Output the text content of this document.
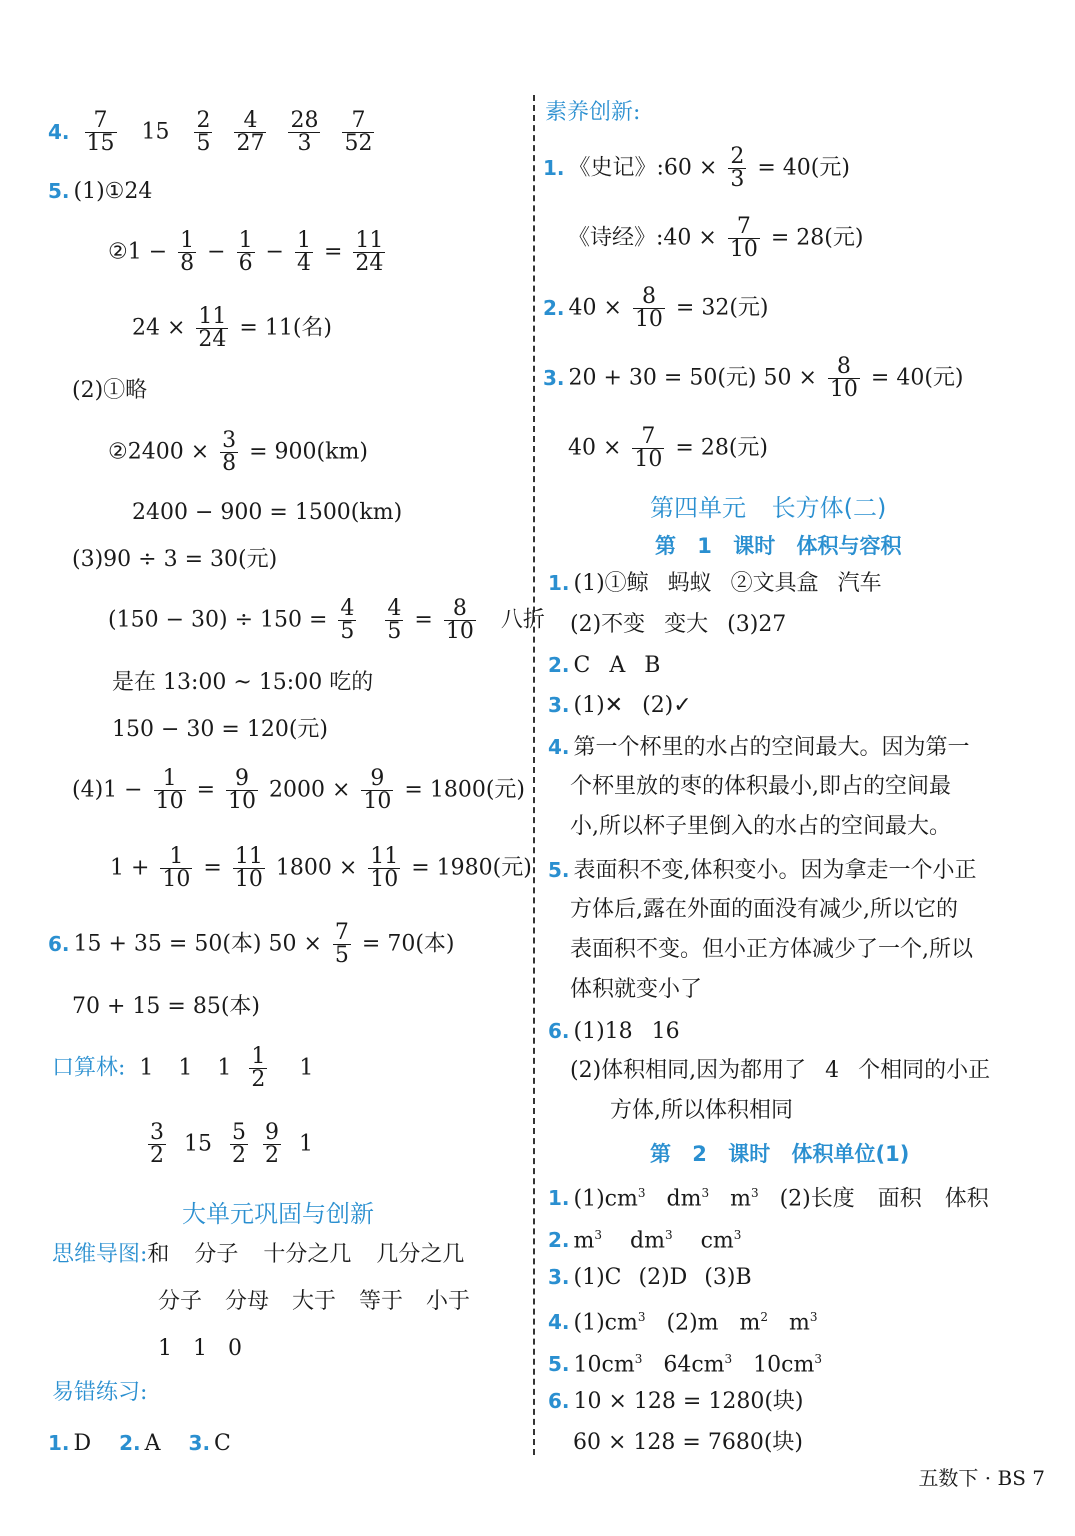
4. $\frac{7}{15} 15 \frac{2}{5}$
$\frac{4}{27}$
$\frac{28}{3}$
$\frac{7}{52}$
5. (1)①24
②1 − $\frac{1}{8} - \frac{1}{6} - \frac{1}{4} = \frac{11}{24}$
$24 \times \frac{11}{24} = 11$(名)
(2)①略
②2400 × $\frac{3}{8} = 900(km)$
2400 − 900 = 1500(km)
(3)90 ÷ 3 = 30(元)
$(150 - 30) \div 150 = \frac{4}{5}$
$\frac{4}{5} = \frac{8}{10}$ 八折
是在 13:00 ~ 15:00 吃的
150 − 30 = 120(元)
$(4)1 - \frac{1}{10} = \frac{9}{10} 2000 \times \frac{9}{10} = 1800$(元)
$1 + \frac{1}{10} = \frac{11}{10} 1800 \times \frac{11}{10} = 1980$(元)
6. 15 + 35 = 50(本) $50 \times \frac{7}{5} = 70$(本)
70 + 15 = 85(本)
口算林: 1 1 $1 \frac{1}{2} 1$
$\frac{3}{2} 15 \frac{5}{2}$
$\frac{9}{2} 1$
大单元巩固与创新
思维导图:和 分子 十分之几 几分之几
分子 分母 大于 等于 小于
1 1 0
易错练习:
1. D 2. A 3. C
素养创新:
1. 《史记》:60 × $\frac{2}{3} = 40$(元)
《诗经》:40 × $\frac{7}{10} = 28$(元)
2. $40 \times \frac{8}{10} = 32$(元)
3. 20 + 30 = 50(元) $50 \times \frac{8}{10} = 40$(元)
$40 \times \frac{7}{10} = 28$(元)
第四单元 长方体(二)
第 1 课时 体积与容积
1. (1)①鲸 蚂蚁 ②文具盒 汽车
(2)不变 变大 (3)27
2. C A B
3. (1)✕ (2)✓
4. 第一个杯里的水占的空间最大。因为第一
个杯里放的枣的体积最小,即占的空间最
小,所以杯子里倒入的水占的空间最大。
5. 表面积不变,体积变小。因为拿走一个小正
方体后,露在外面的面没有减少,所以它的
表面积不变。但小正方体减少了一个,所以
体积就变小了
6. (1)18 16
(2)体积相同,因为都用了 4 个相同的小正
方体,所以体积相同
第 2 课时 体积单位(1)
1. $(1)cm^3$ $dm^3$ $m^3$ (2)长度 面积 体积
2. $m^3$ $dm^3$ $cm^3$
3. (1)C (2)D (3)B
4. $(1)cm^3$ (2)m $m^2$ $m^3$
5. $10cm^3$ $64cm^3$ $10cm^3$
6. 10 × 128 = 1280(块)
60 × 128 = 7680(块)
五数下 · BS 7
